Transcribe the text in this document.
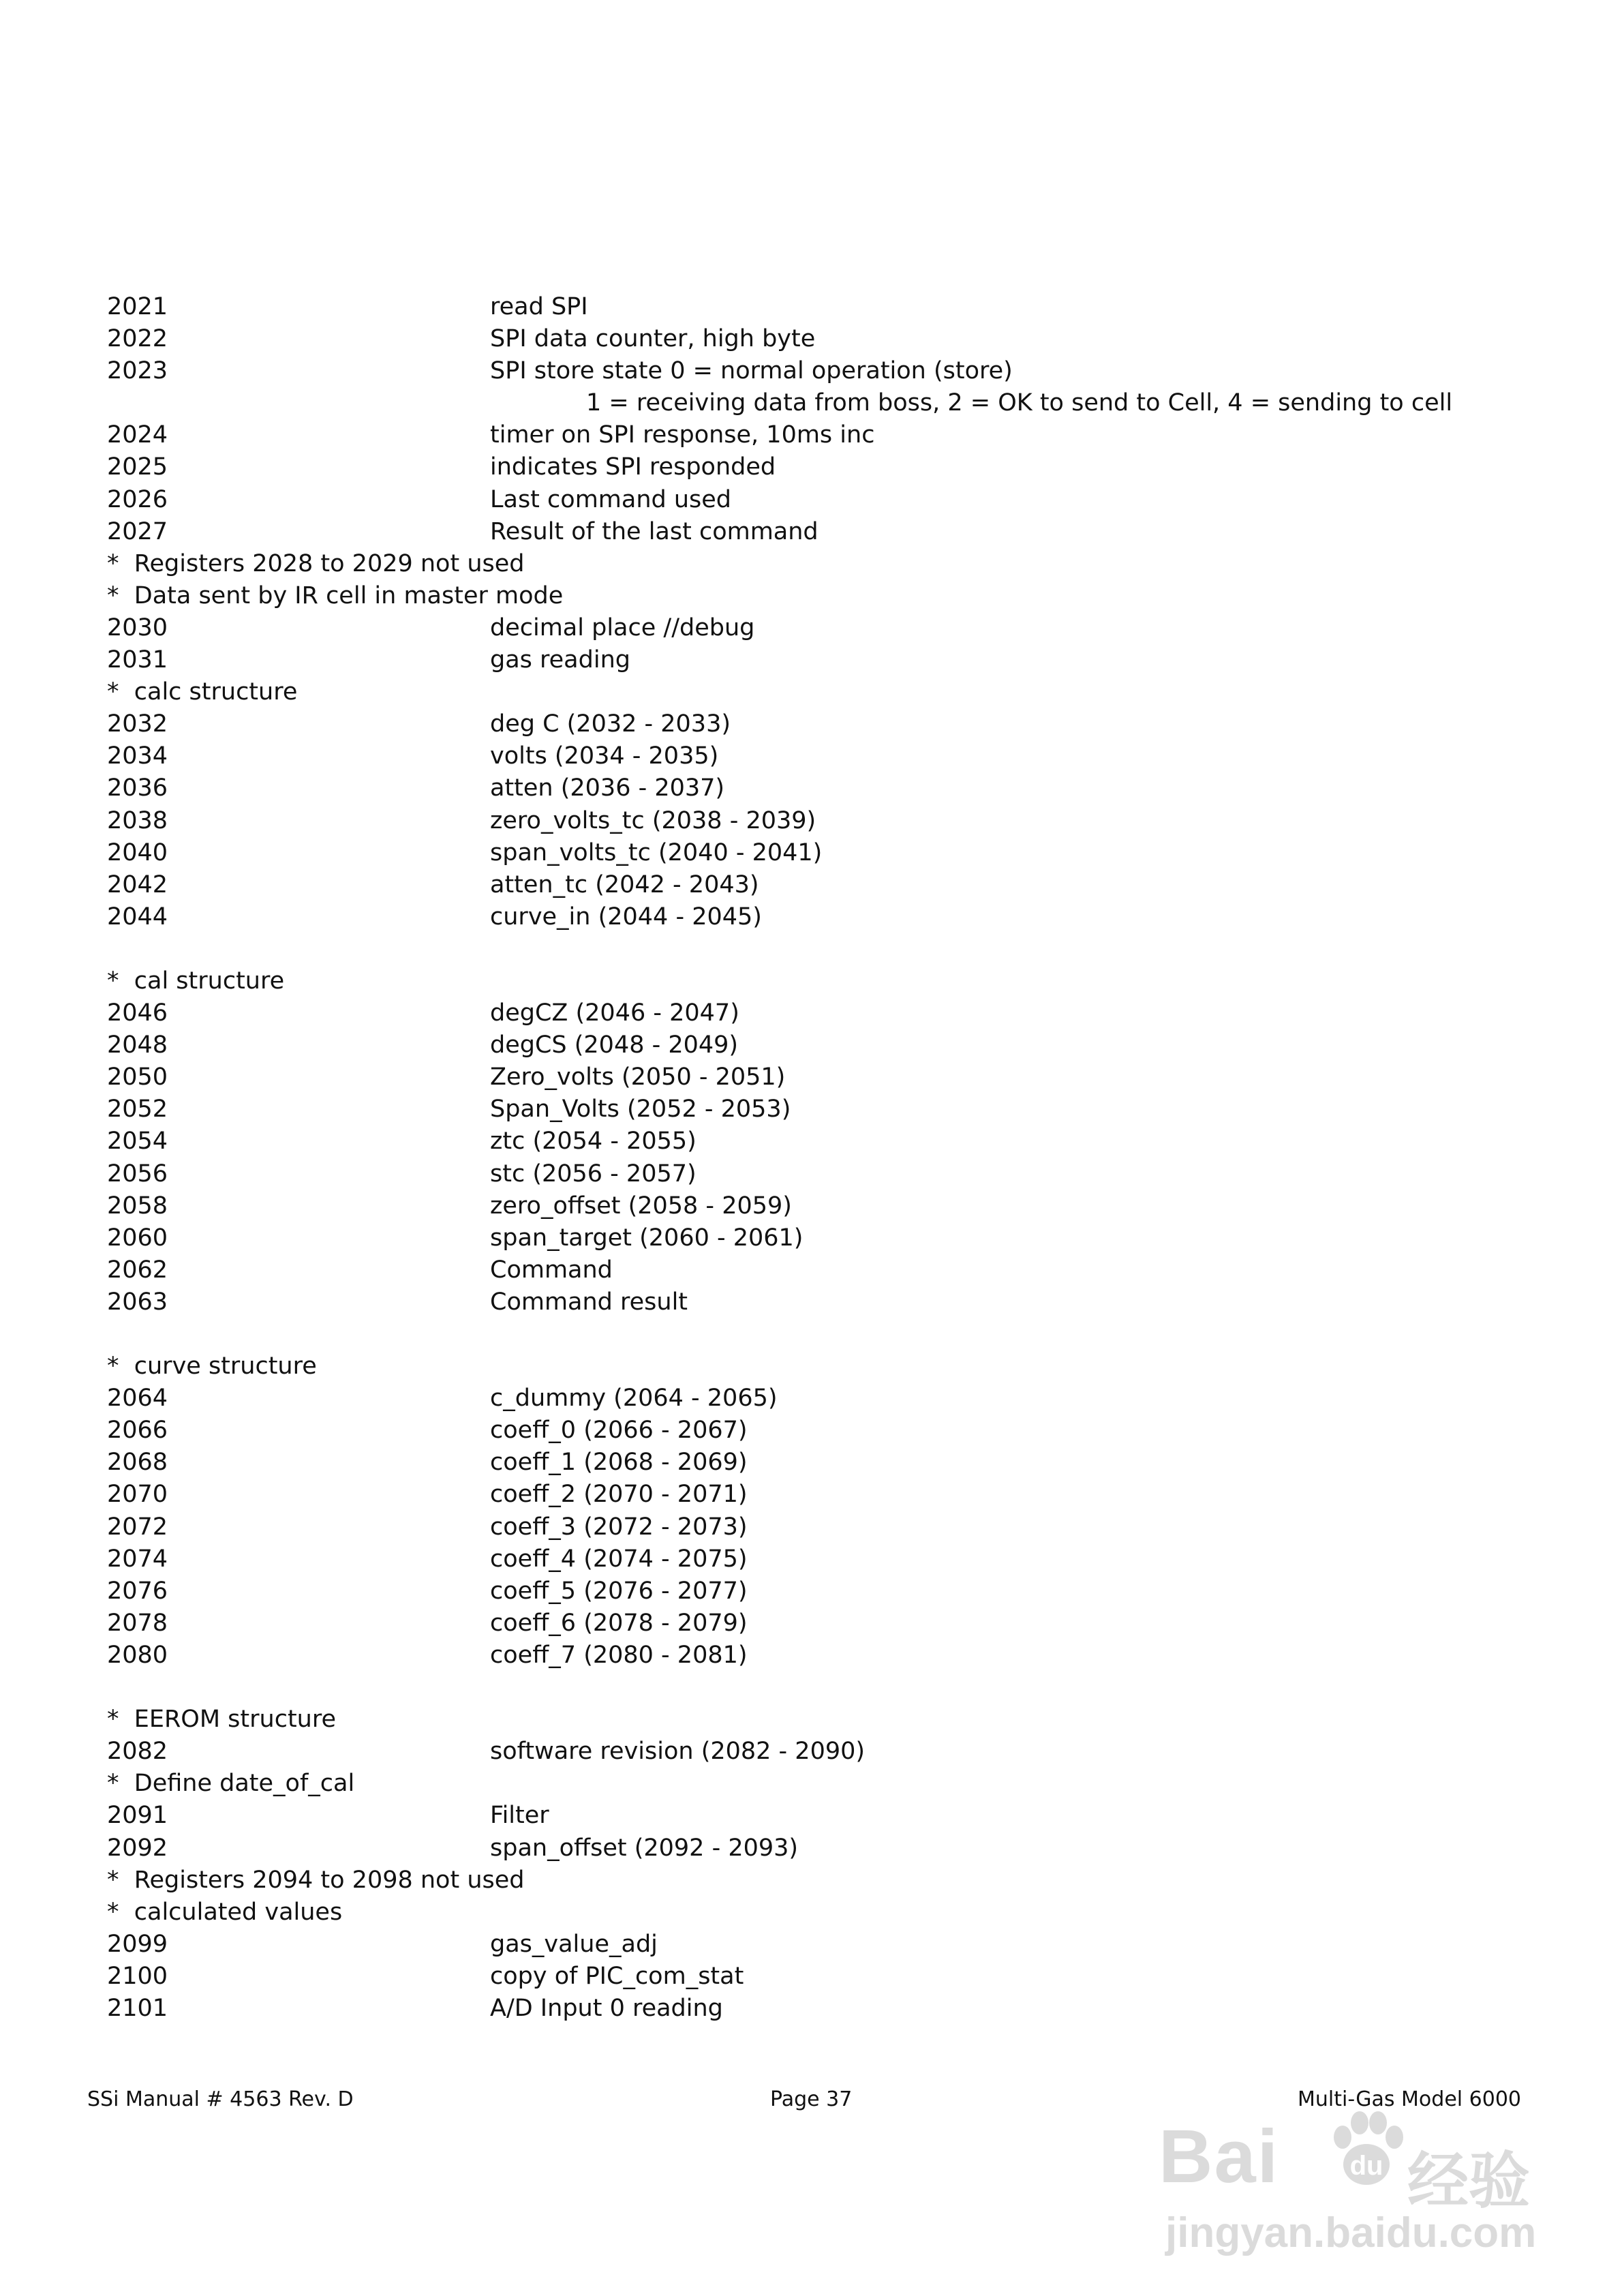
2021	read SPI
2022	SPI data counter, high byte
2023	SPI store state 0 = normal operation (store)
1 = receiving data from boss, 2 = OK to send to Cell, 4 = sending to cell
2024	timer on SPI response, 10ms inc
2025	indicates SPI responded
2026	Last command used
2027	Result of the last command
*  Registers 2028 to 2029 not used
*  Data sent by IR cell in master mode
2030	decimal place //debug
2031	gas reading
*  calc structure
2032	deg C (2032 - 2033)
2034	volts (2034 - 2035)
2036	atten (2036 - 2037)
2038	zero_volts_tc (2038 - 2039)
2040	span_volts_tc (2040 - 2041)
2042	atten_tc (2042 - 2043)
2044	curve_in (2044 - 2045)
*  cal structure
2046	degCZ (2046 - 2047)
2048	degCS (2048 - 2049)
2050	Zero_volts (2050 - 2051)
2052	Span_Volts (2052 - 2053)
2054	ztc (2054 - 2055)
2056	stc (2056 - 2057)
2058	zero_offset (2058 - 2059)
2060	span_target (2060 - 2061)
2062	Command
2063	Command result
*  curve structure
2064	c_dummy (2064 - 2065)
2066	coeff_0 (2066 - 2067)
2068	coeff_1 (2068 - 2069)
2070	coeff_2 (2070 - 2071)
2072	coeff_3 (2072 - 2073)
2074	coeff_4 (2074 - 2075)
2076	coeff_5 (2076 - 2077)
2078	coeff_6 (2078 - 2079)
2080	coeff_7 (2080 - 2081)
*  EEROM structure
2082	software revision (2082 - 2090)
*  Define date_of_cal
2091	Filter
2092	span_offset (2092 - 2093)
*  Registers 2094 to 2098 not used
*  calculated values
2099	gas_value_adj
2100	copy of PIC_com_stat
2101	A/D Input 0 reading
SSi Manual # 4563 Rev. D	Page 37	Multi-Gas Model 6000
Bai	du 经验
jingyan.baidu.com
